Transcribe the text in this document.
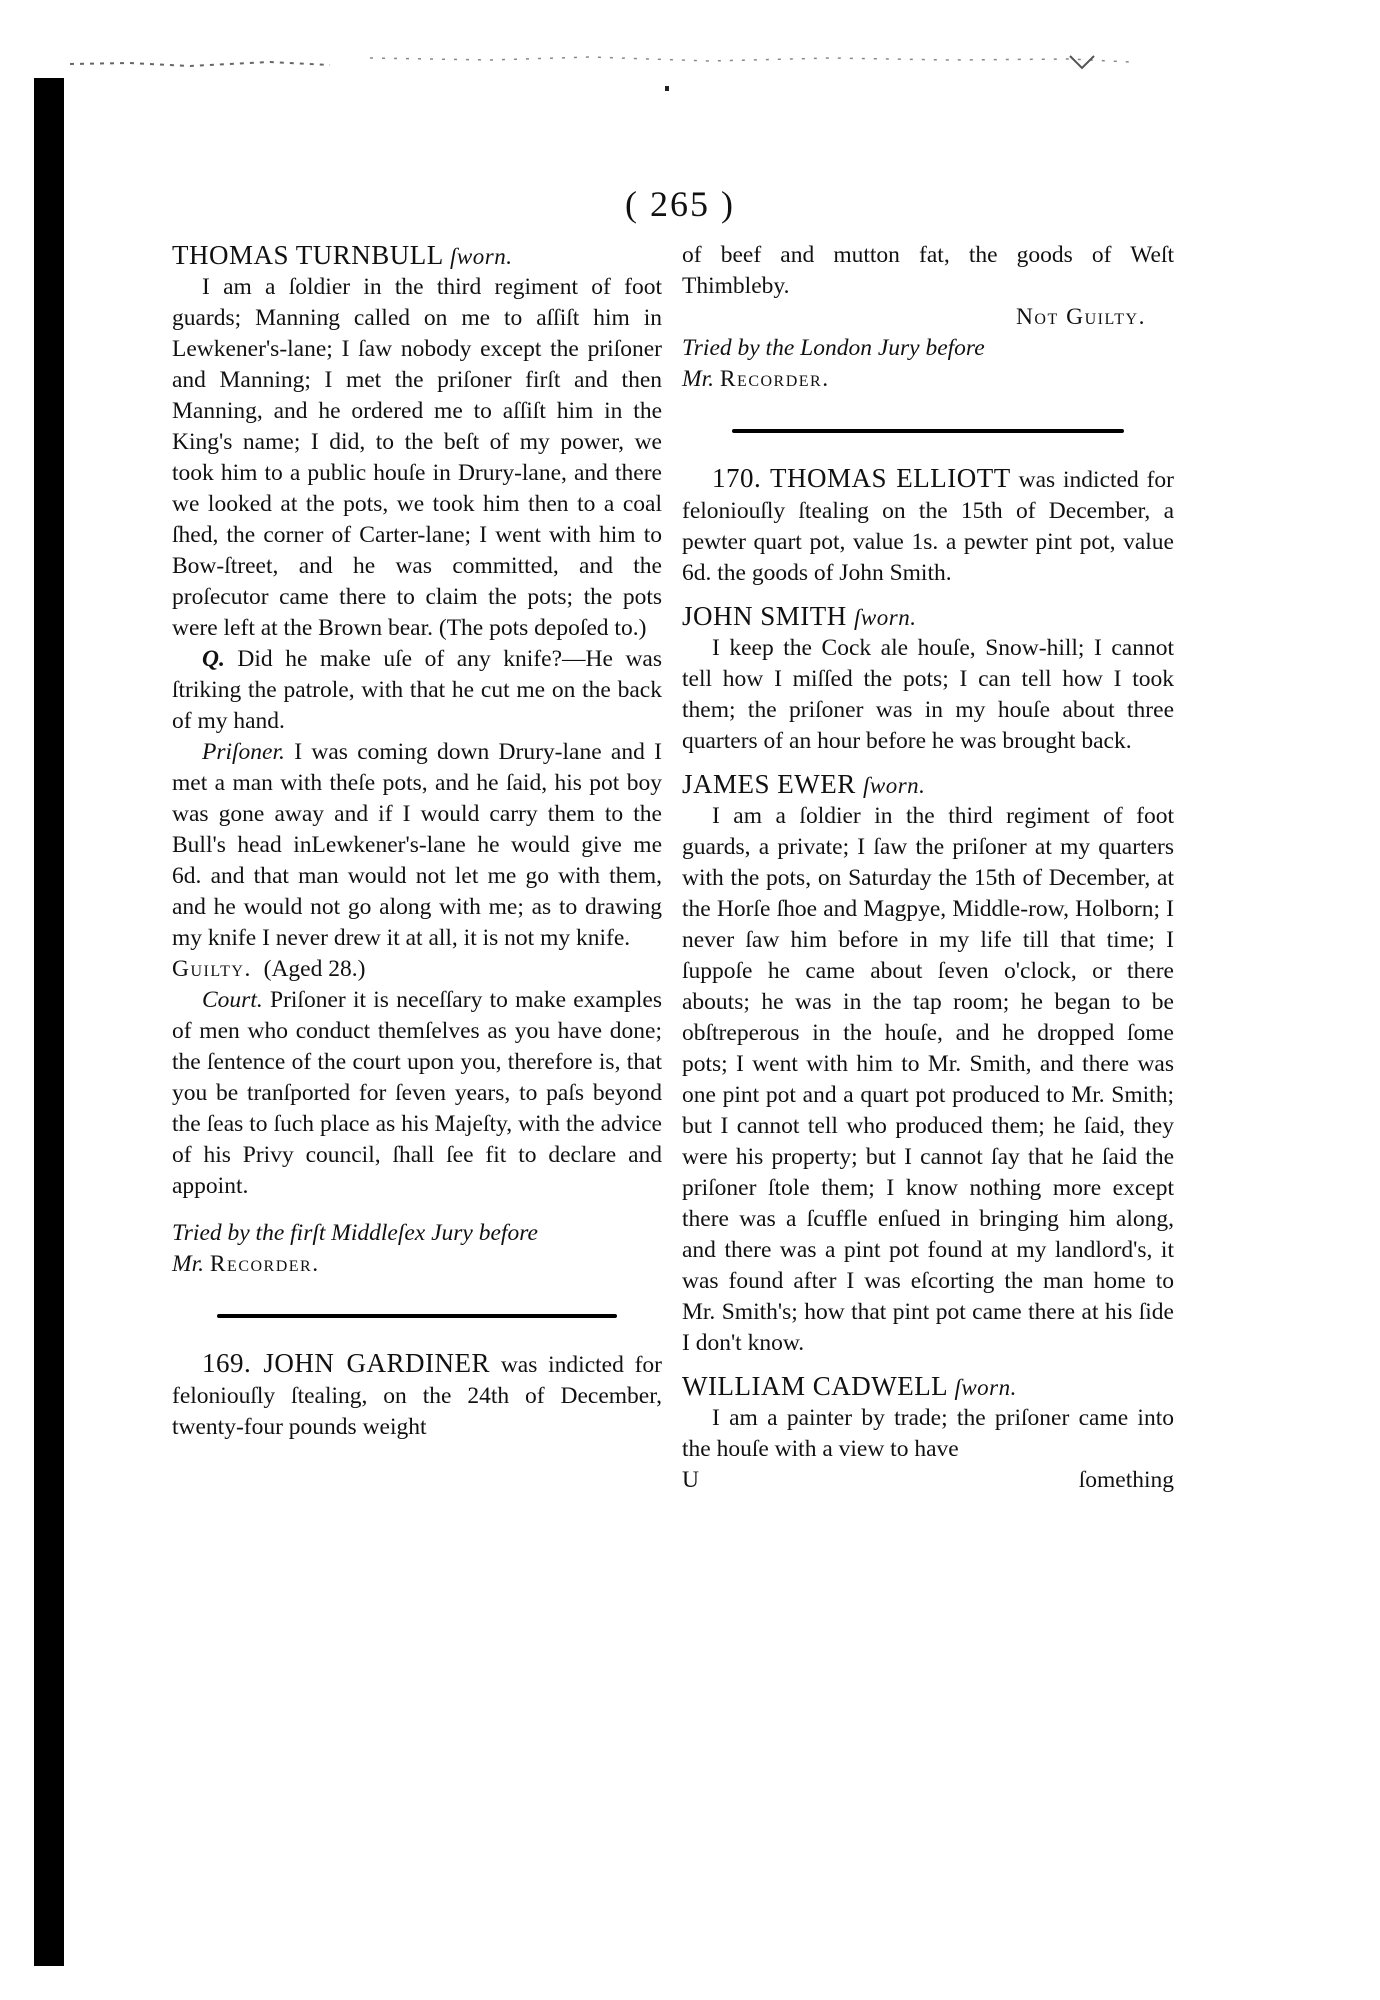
( 265 )

THOMAS TURNBULL ſworn.

I am a ſoldier in the third regiment of foot guards; Manning called on me to aſſiſt him in Lewkener's-lane; I ſaw nobody except the priſoner and Manning; I met the priſoner firſt and then Manning, and he ordered me to aſſiſt him in the King's name; I did, to the beſt of my power, we took him to a public houſe in Drury-lane, and there we looked at the pots, we took him then to a coal ſhed, the corner of Carter-lane; I went with him to Bow-ſtreet, and he was committed, and the proſecutor came there to claim the pots; the pots were left at the Brown bear. (The pots depoſed to.)

Q. Did he make uſe of any knife?—He was ſtriking the patrole, with that he cut me on the back of my hand.

Priſoner. I was coming down Drury-lane and I met a man with theſe pots, and he ſaid, his pot boy was gone away and if I would carry them to the Bull's head inLewkener's-lane he would give me 6d. and that man would not let me go with them, and he would not go along with me; as to drawing my knife I never drew it at all, it is not my knife.

Guilty. (Aged 28.)

Court. Priſoner it is neceſſary to make examples of men who conduct themſelves as you have done; the ſentence of the court upon you, therefore is, that you be tranſported for ſeven years, to paſs beyond the ſeas to ſuch place as his Majeſty, with the advice of his Privy council, ſhall ſee fit to declare and appoint.

Tried by the firſt Middleſex Jury before

Mr. Recorder.

169. JOHN GARDINER was indicted for feloniouſly ſtealing, on the 24th of December, twenty-four pounds weight

of beef and mutton fat, the goods of Weſt Thimbleby.

Not Guilty.

Tried by the London Jury before

Mr. Recorder.

170. THOMAS ELLIOTT was indicted for feloniouſly ſtealing on the 15th of December, a pewter quart pot, value 1s. a pewter pint pot, value 6d. the goods of John Smith.

JOHN SMITH ſworn.

I keep the Cock ale houſe, Snow-hill; I cannot tell how I miſſed the pots; I can tell how I took them; the priſoner was in my houſe about three quarters of an hour before he was brought back.

JAMES EWER ſworn.

I am a ſoldier in the third regiment of foot guards, a private; I ſaw the priſoner at my quarters with the pots, on Saturday the 15th of December, at the Horſe ſhoe and Magpye, Middle-row, Holborn; I never ſaw him before in my life till that time; I ſuppoſe he came about ſeven o'clock, or there abouts; he was in the tap room; he began to be obſtreperous in the houſe, and he dropped ſome pots; I went with him to Mr. Smith, and there was one pint pot and a quart pot produced to Mr. Smith; but I cannot tell who produced them; he ſaid, they were his property; but I cannot ſay that he ſaid the priſoner ſtole them; I know nothing more except there was a ſcuffle enſued in bringing him along, and there was a pint pot found at my landlord's, it was found after I was eſcorting the man home to Mr. Smith's; how that pint pot came there at his ſide I don't know.

WILLIAM CADWELL ſworn.

I am a painter by trade; the priſoner came into the houſe with a view to have

U	ſomething
